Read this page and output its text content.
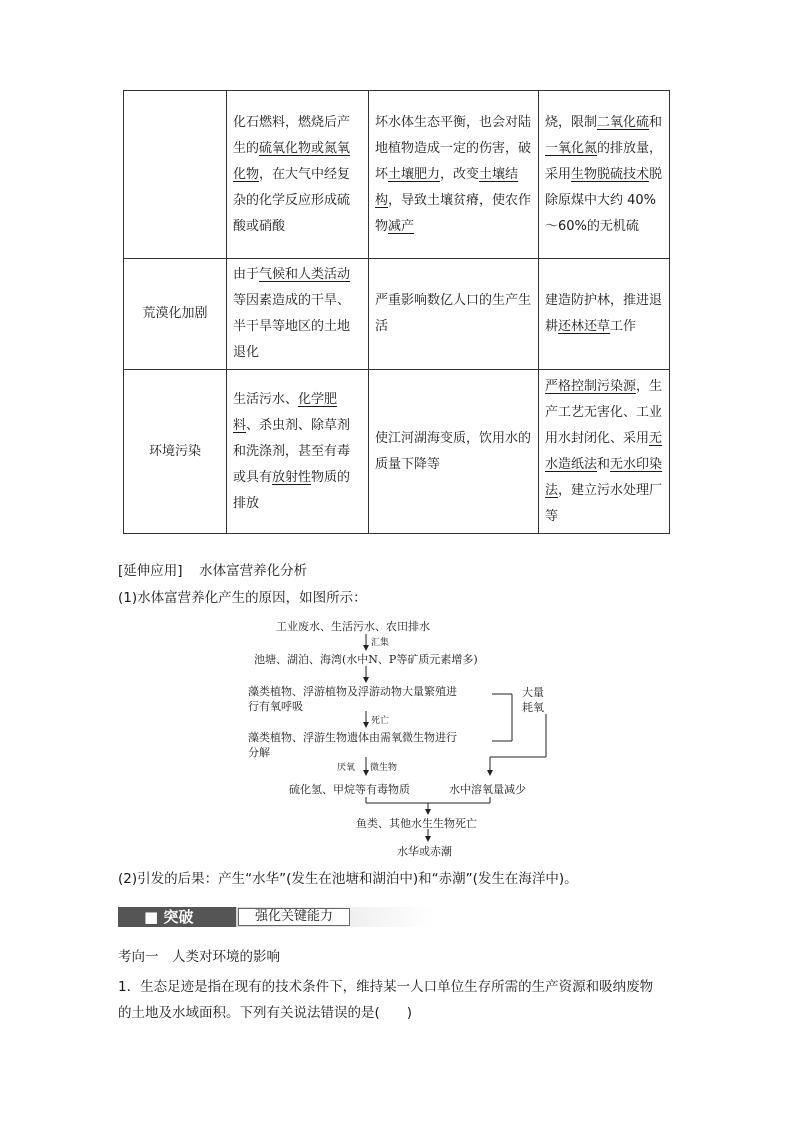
	化石燃料，燃烧后产生的硫氧化物或氮氧化物，在大气中经复杂的化学反应形成硫酸或硝酸	坏水体生态平衡，也会对陆地植物造成一定的伤害，破坏土壤肥力，改变土壤结构，导致土壤贫瘠，使农作物减产	烧，限制二氧化硫和一氧化氮的排放量，采用生物脱硫技术脱除原煤中大约 40%～60%的无机硫
荒漠化加剧	由于气候和人类活动等因素造成的干旱、半干旱等地区的土地退化	严重影响数亿人口的生产生活	建造防护林，推进退耕还林还草工作
环境污染	生活污水、化学肥料、杀虫剂、除草剂和洗涤剂，甚至有毒或具有放射性物质的排放	使江河湖海变质，饮用水的质量下降等	严格控制污染源，生产工艺无害化、工业用水封闭化、采用无水造纸法和无水印染法，建立污水处理厂等
[延伸应用] 水体富营养化分析
(1)水体富营养化产生的原因，如图所示：
工业废水、生活污水、农田排水
汇集
池塘、湖泊、海湾(水中N、P等矿质元素增多)
藻类植物、浮游植物及浮游动物大量繁殖进
行有氧呼吸
死亡
藻类植物、浮游生物遗体由需氧微生物进行
分解
大量
耗氧
厌氧 微生物
硫化氢、甲烷等有毒物质	水中溶氧量减少
鱼类、其他水生生物死亡
水华或赤潮
(2)引发的后果：产生“水华”(发生在池塘和湖泊中)和“赤潮”(发生在海洋中)。
■ 突破	强化关键能力
考向一　人类对环境的影响
1．生态足迹是指在现有的技术条件下，维持某一人口单位生存所需的生产资源和吸纳废物
的土地及水域面积。下列有关说法错误的是(　　)
